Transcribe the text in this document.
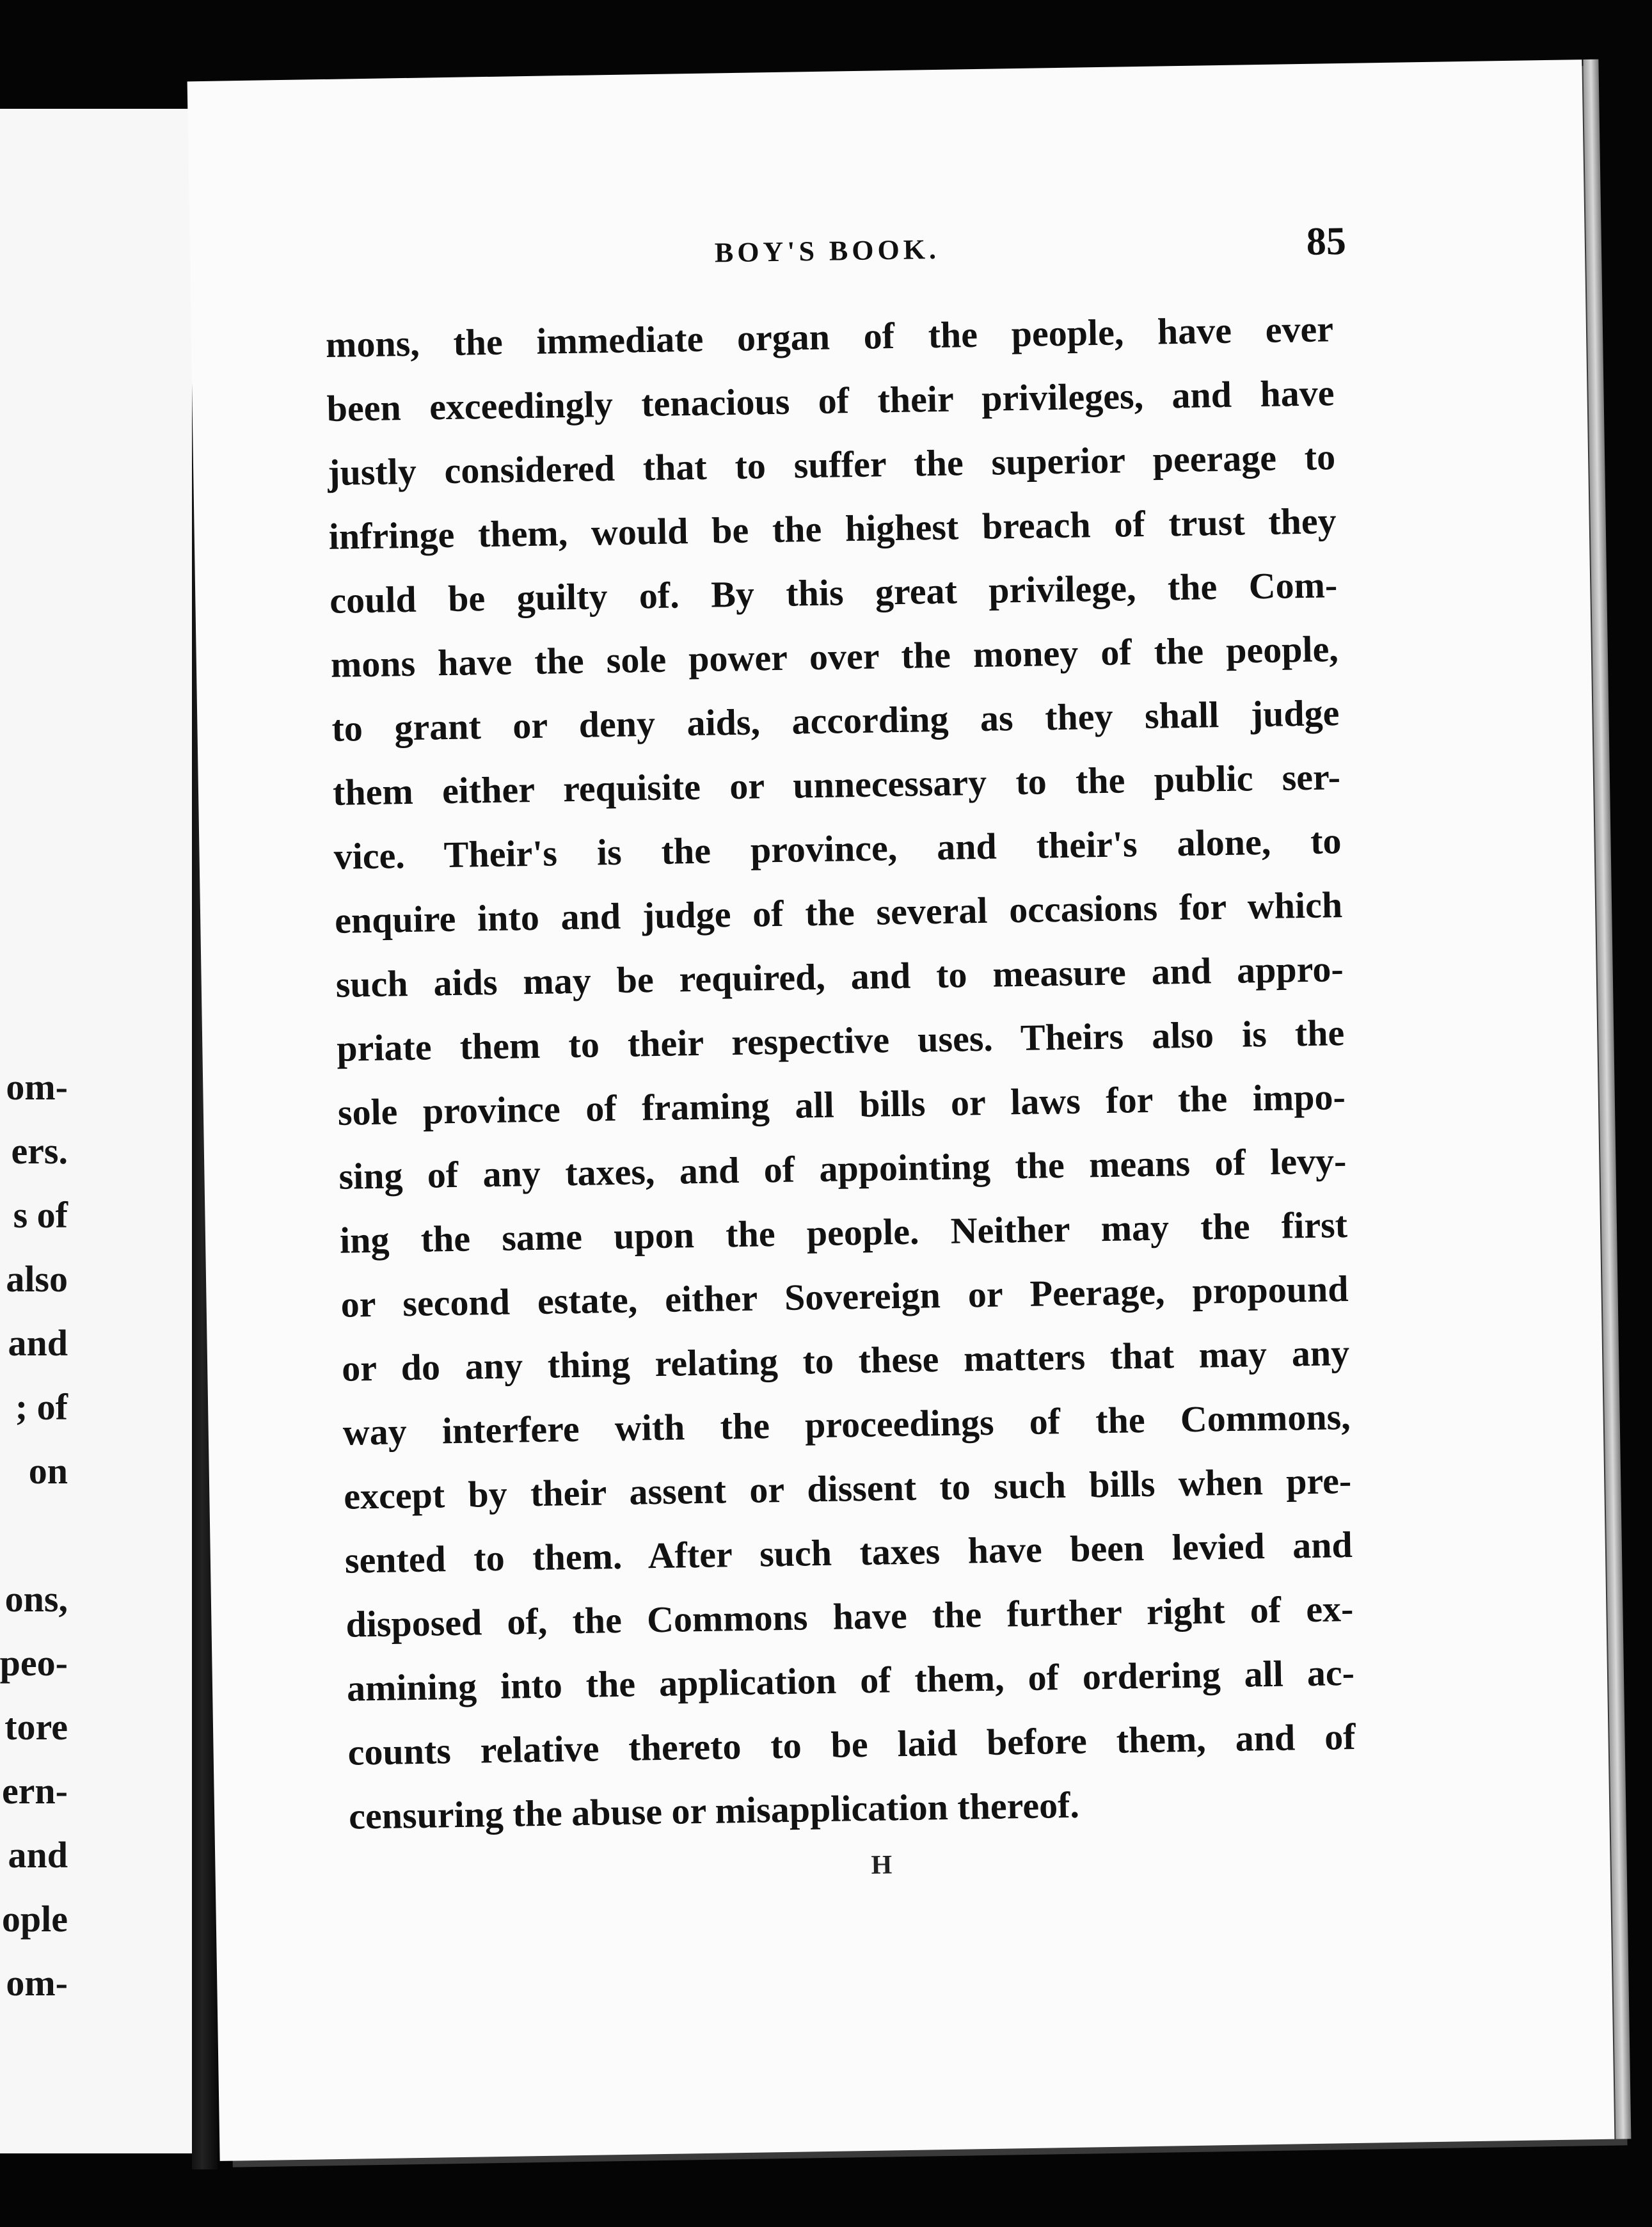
om-
ers.
s of
also
and
; of
on
ons,
peo-
tore
ern-
and
ople
om-
BOY'S BOOK.	85
mons, the immediate organ of the people, have ever
been exceedingly tenacious of their privileges, and have
justly considered that to suffer the superior peerage to
infringe them, would be the highest breach of trust they
could be guilty of. By this great privilege, the Com-
mons have the sole power over the money of the people,
to grant or deny aids, according as they shall judge
them either requisite or unnecessary to the public ser-
vice. Their's is the province, and their's alone, to
enquire into and judge of the several occasions for which
such aids may be required, and to measure and appro-
priate them to their respective uses. Theirs also is the
sole province of framing all bills or laws for the impo-
sing of any taxes, and of appointing the means of levy-
ing the same upon the people. Neither may the first
or second estate, either Sovereign or Peerage, propound
or do any thing relating to these matters that may any
way interfere with the proceedings of the Commons,
except by their assent or dissent to such bills when pre-
sented to them. After such taxes have been levied and
disposed of, the Commons have the further right of ex-
amining into the application of them, of ordering all ac-
counts relative thereto to be laid before them, and of
censuring the abuse or misapplication thereof.
H
